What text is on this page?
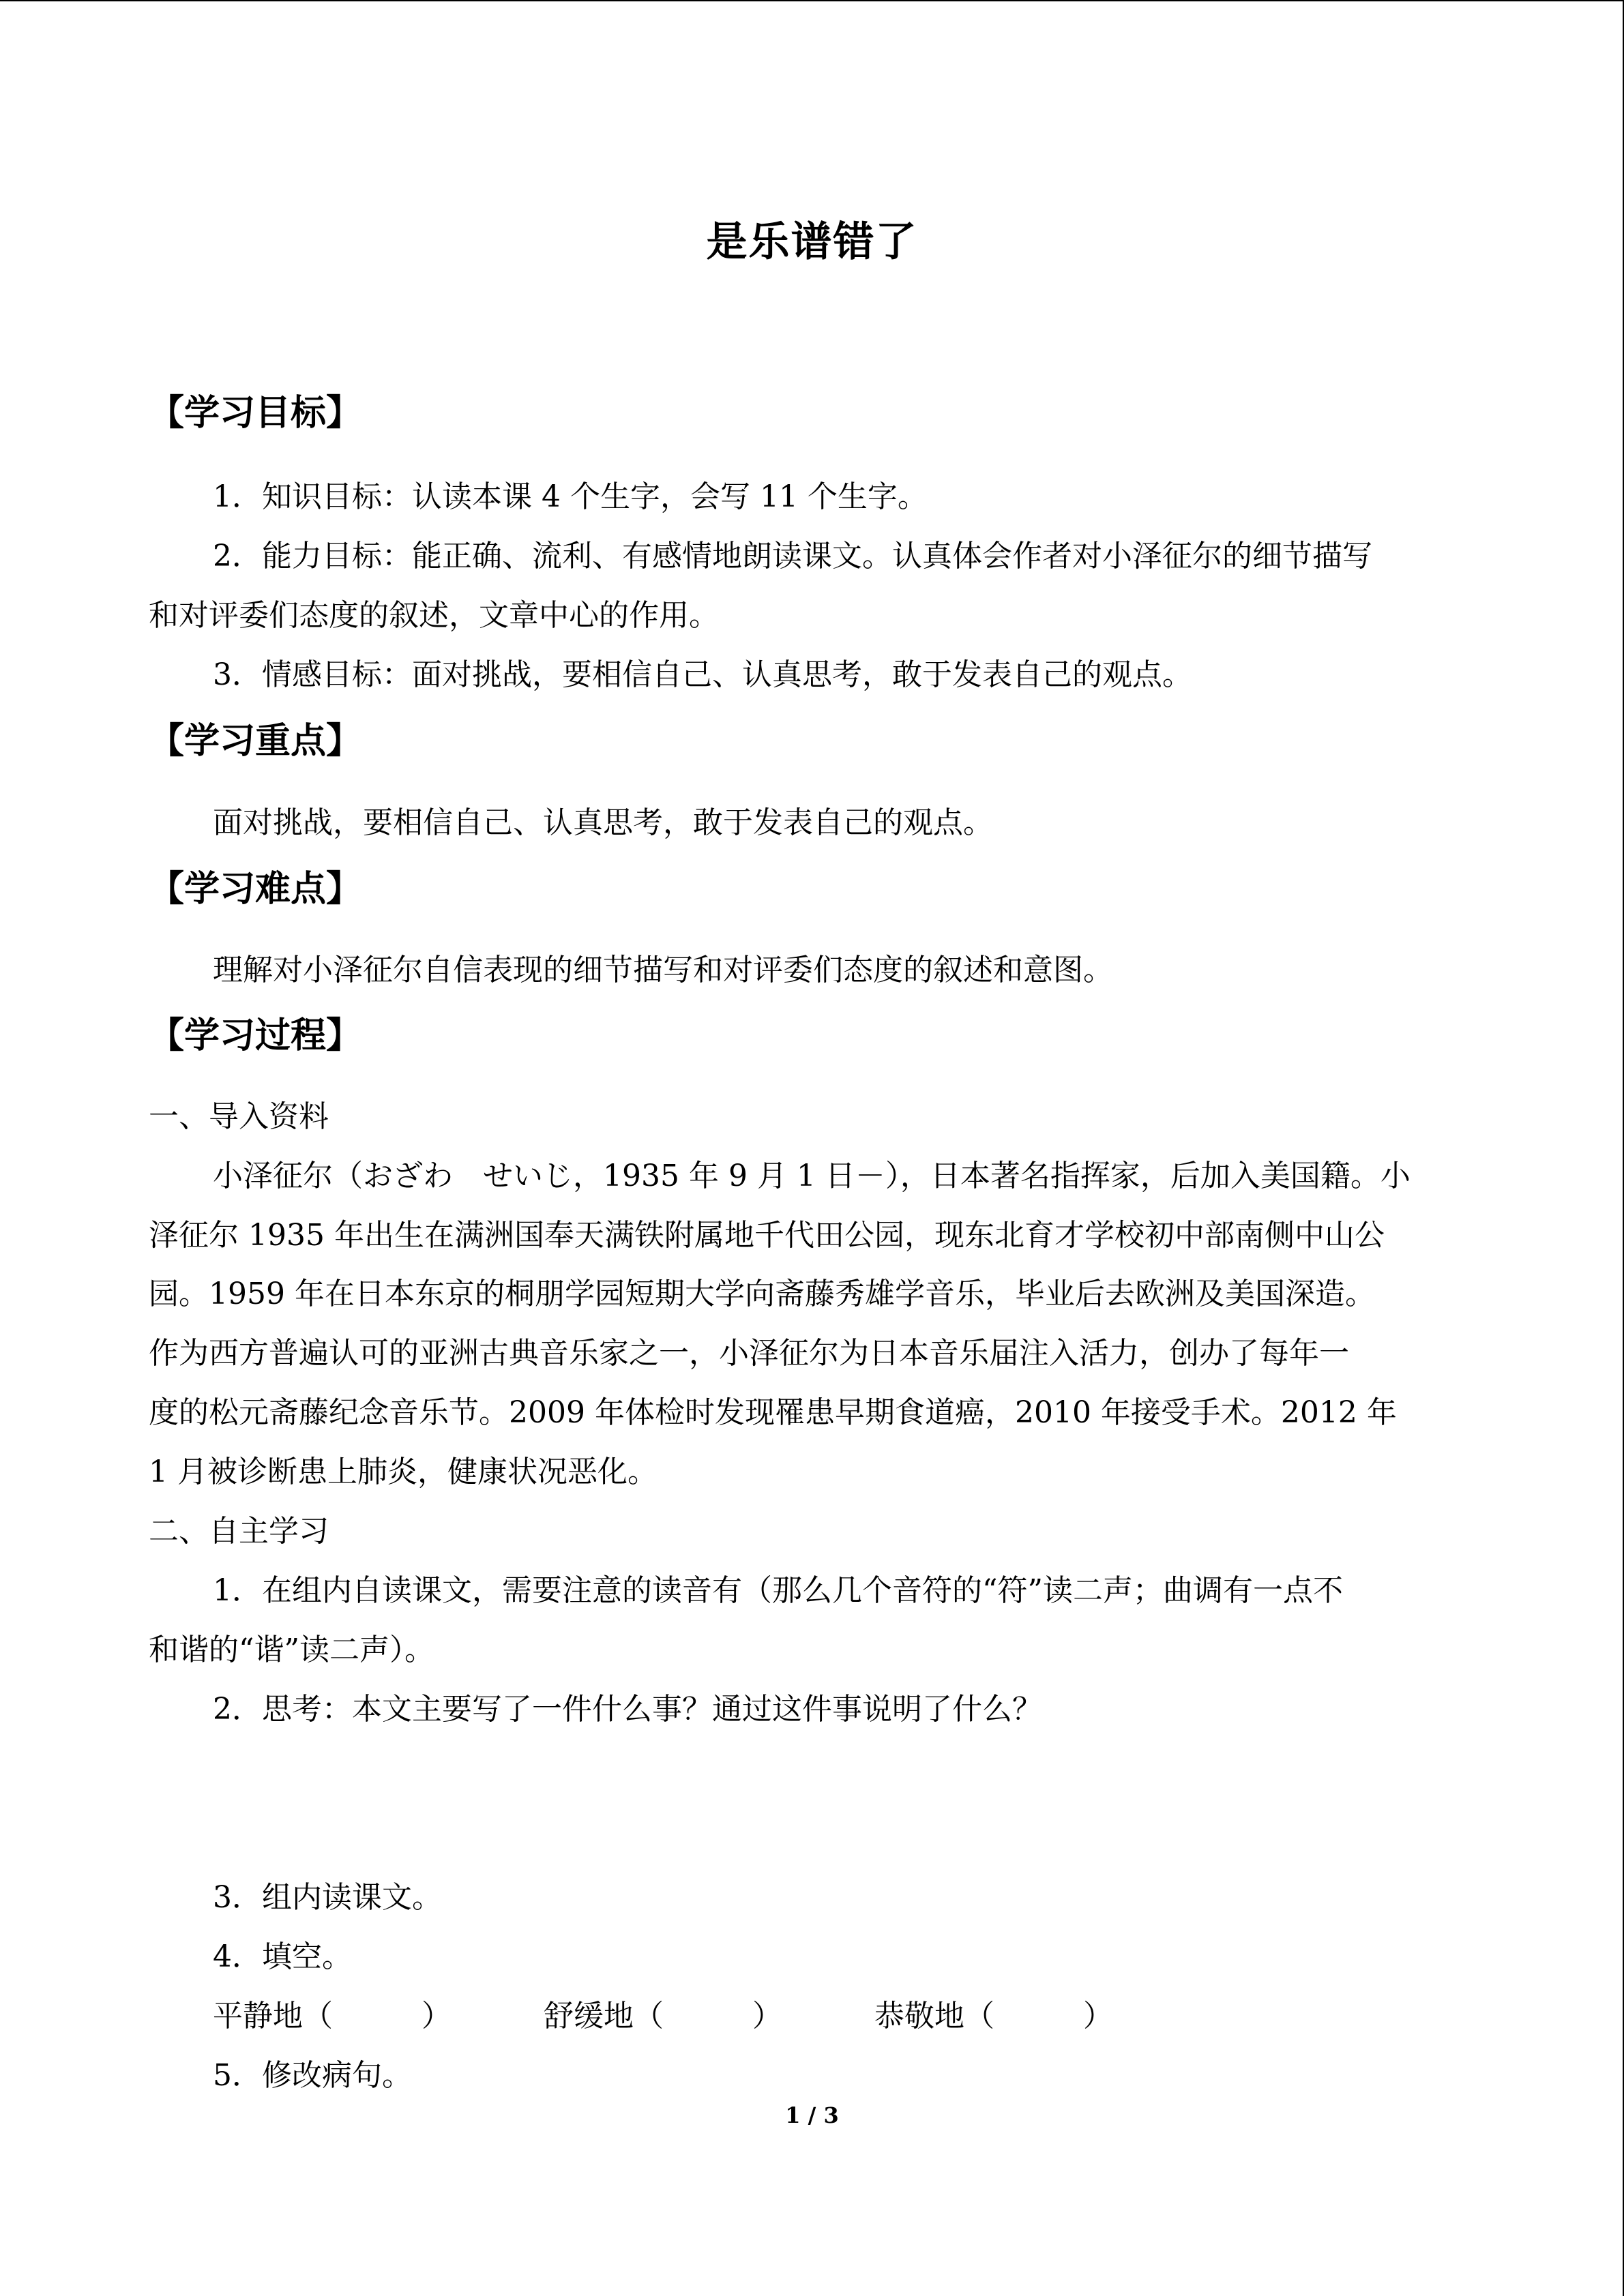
是乐谱错了
【学习目标】
1．知识目标：认读本课 4 个生字，会写 11 个生字。
2．能力目标：能正确、流利、有感情地朗读课文。认真体会作者对小泽征尔的细节描写
和对评委们态度的叙述，文章中心的作用。
3．情感目标：面对挑战，要相信自己、认真思考，敢于发表自己的观点。
【学习重点】
面对挑战，要相信自己、认真思考，敢于发表自己的观点。
【学习难点】
理解对小泽征尔自信表现的细节描写和对评委们态度的叙述和意图。
【学习过程】
一、导入资料
小泽征尔（おざわ　せいじ，1935 年 9 月 1 日－），日本著名指挥家，后加入美国籍。小
泽征尔 1935 年出生在满洲国奉天满铁附属地千代田公园，现东北育才学校初中部南侧中山公
园。1959 年在日本东京的桐朋学园短期大学向斋藤秀雄学音乐，毕业后去欧洲及美国深造。
作为西方普遍认可的亚洲古典音乐家之一，小泽征尔为日本音乐届注入活力，创办了每年一
度的松元斋藤纪念音乐节。2009 年体检时发现罹患早期食道癌，2010 年接受手术。2012 年
1 月被诊断患上肺炎，健康状况恶化。
二、自主学习
1．在组内自读课文，需要注意的读音有（那么几个音符的“符”读二声；曲调有一点不
和谐的“谐”读二声）。
2．思考：本文主要写了一件什么事？通过这件事说明了什么？
3．组内读课文。
4．填空。
平静地（	）	舒缓地（	）	恭敬地（	）
5．修改病句。
1 / 3
